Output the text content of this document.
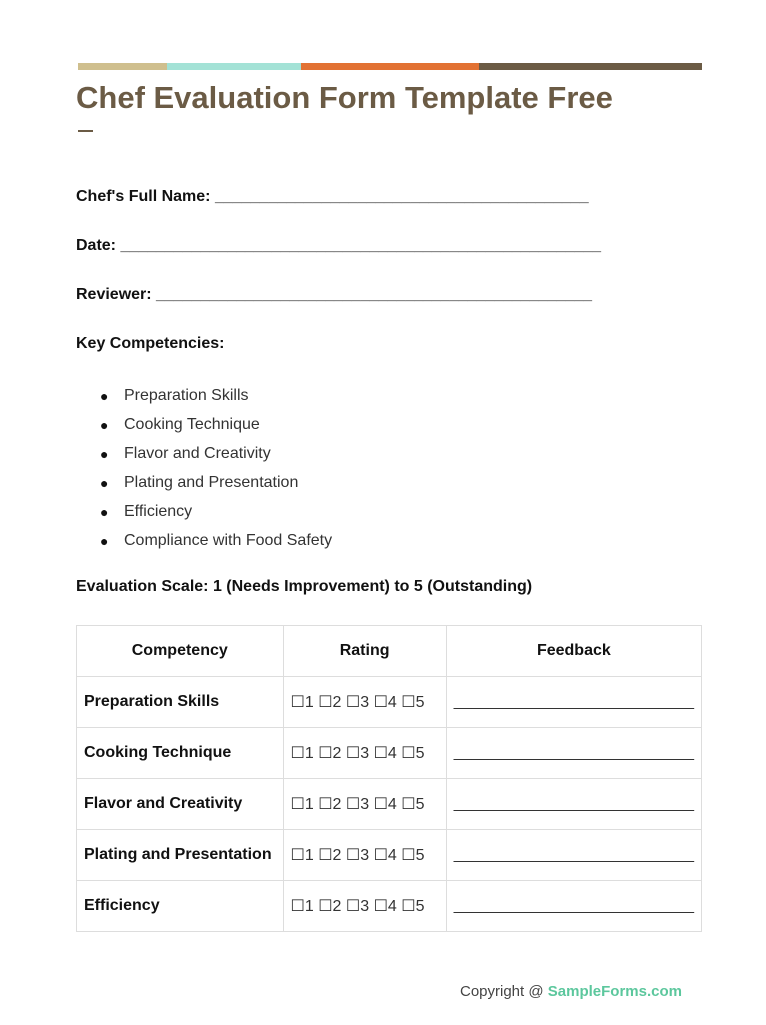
Chef Evaluation Form Template Free
Chef's Full Name: __________________________________________
Date: ______________________________________________________
Reviewer: _________________________________________________
Key Competencies:
● Preparation Skills
● Cooking Technique
● Flavor and Creativity
● Plating and Presentation
● Efficiency
● Compliance with Food Safety
Evaluation Scale: 1 (Needs Improvement) to 5 (Outstanding)
Competency	Rating	Feedback
Preparation Skills	☐1 ☐2 ☐3 ☐4 ☐5	___________________________
Cooking Technique	☐1 ☐2 ☐3 ☐4 ☐5	___________________________
Flavor and Creativity	☐1 ☐2 ☐3 ☐4 ☐5	___________________________
Plating and Presentation	☐1 ☐2 ☐3 ☐4 ☐5	___________________________
Efficiency	☐1 ☐2 ☐3 ☐4 ☐5	___________________________
Copyright @ SampleForms.com
